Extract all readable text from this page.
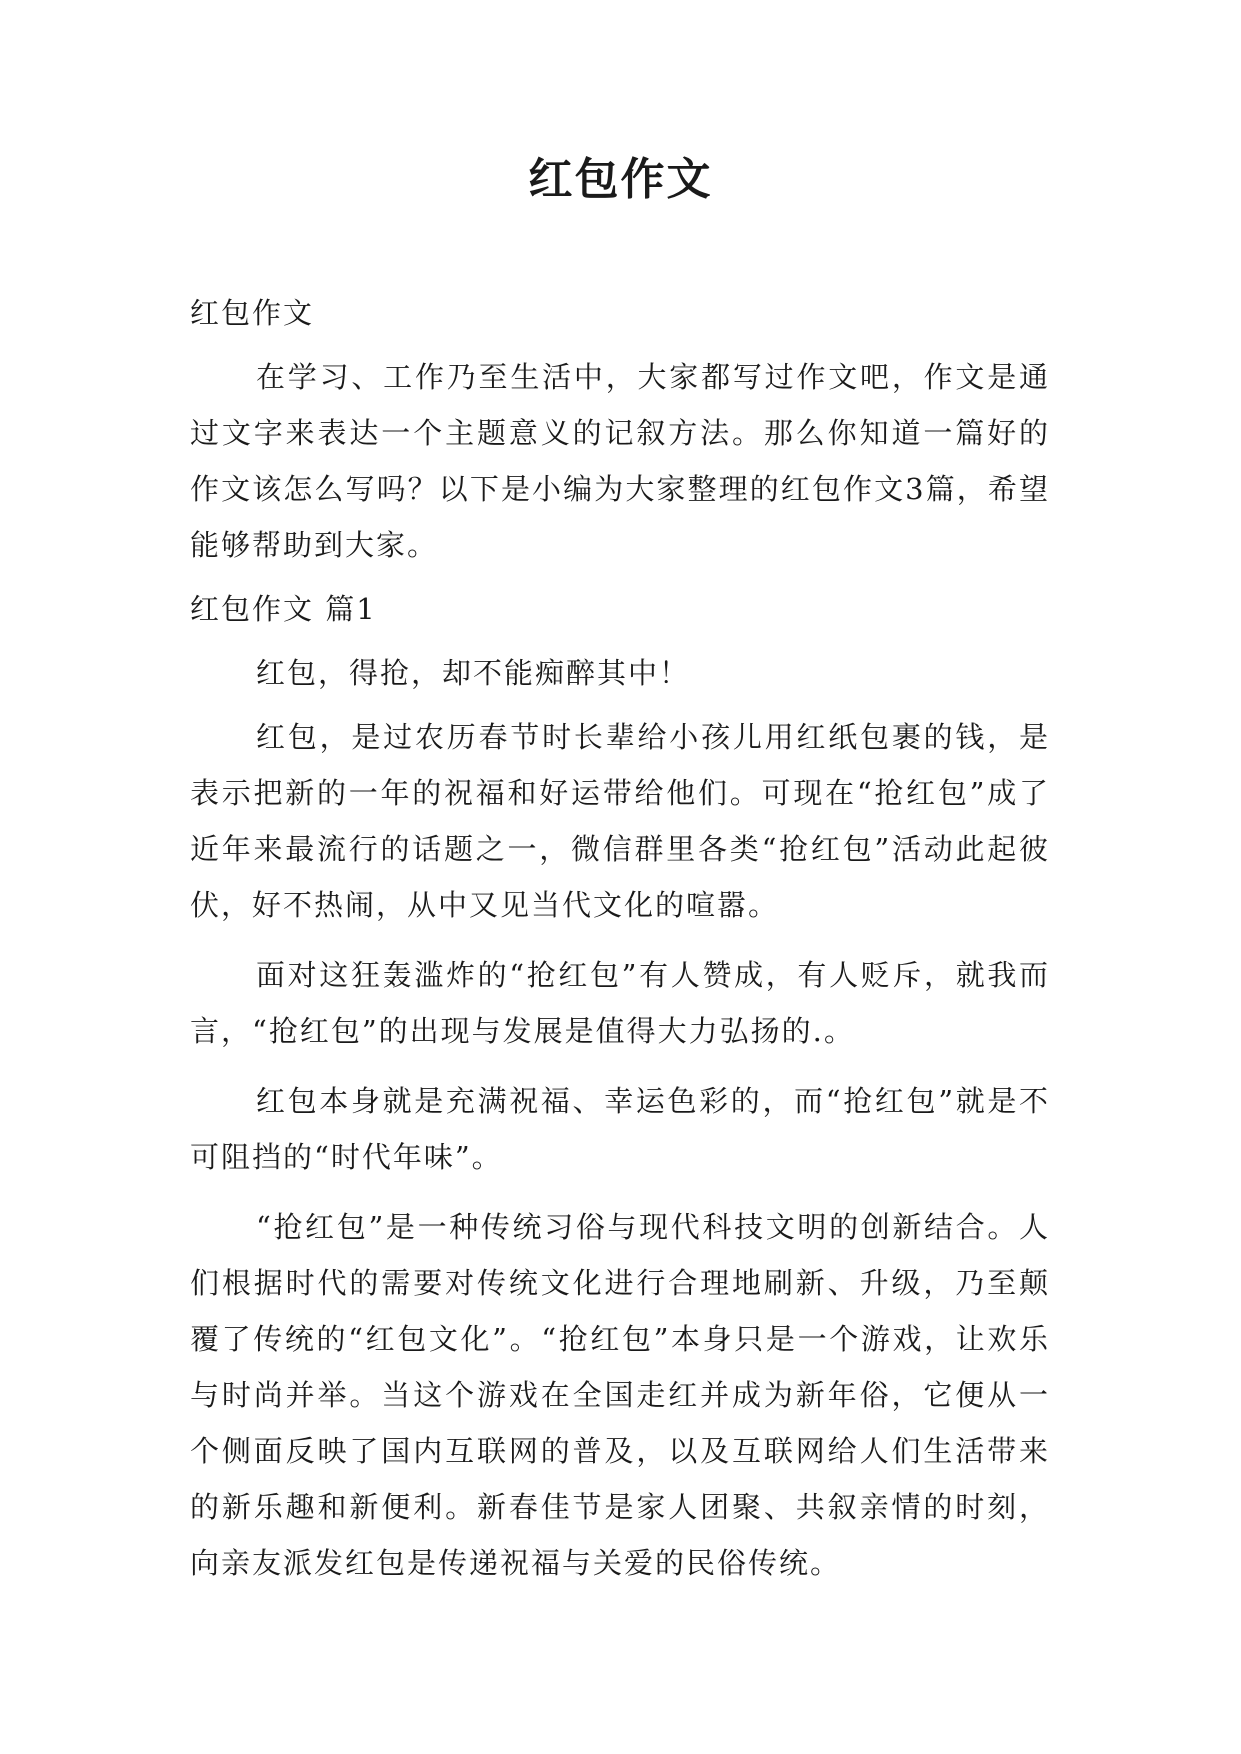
红包作文

红包作文

在学习、工作乃至生活中，大家都写过作文吧，作文是通过文字来表达一个主题意义的记叙方法。那么你知道一篇好的作文该怎么写吗？以下是小编为大家整理的红包作文3篇，希望能够帮助到大家。

红包作文 篇1

红包，得抢，却不能痴醉其中！

红包，是过农历春节时长辈给小孩儿用红纸包裹的钱，是表示把新的一年的祝福和好运带给他们。可现在“抢红包”成了近年来最流行的话题之一，微信群里各类“抢红包”活动此起彼伏，好不热闹，从中又见当代文化的喧嚣。

面对这狂轰滥炸的“抢红包”有人赞成，有人贬斥，就我而言，“抢红包”的出现与发展是值得大力弘扬的.。

红包本身就是充满祝福、幸运色彩的，而“抢红包”就是不可阻挡的“时代年味”。

“抢红包”是一种传统习俗与现代科技文明的创新结合。人们根据时代的需要对传统文化进行合理地刷新、升级，乃至颠覆了传统的“红包文化”。“抢红包”本身只是一个游戏，让欢乐与时尚并举。当这个游戏在全国走红并成为新年俗，它便从一个侧面反映了国内互联网的普及，以及互联网给人们生活带来的新乐趣和新便利。新春佳节是家人团聚、共叙亲情的时刻，向亲友派发红包是传递祝福与关爱的民俗传统。
